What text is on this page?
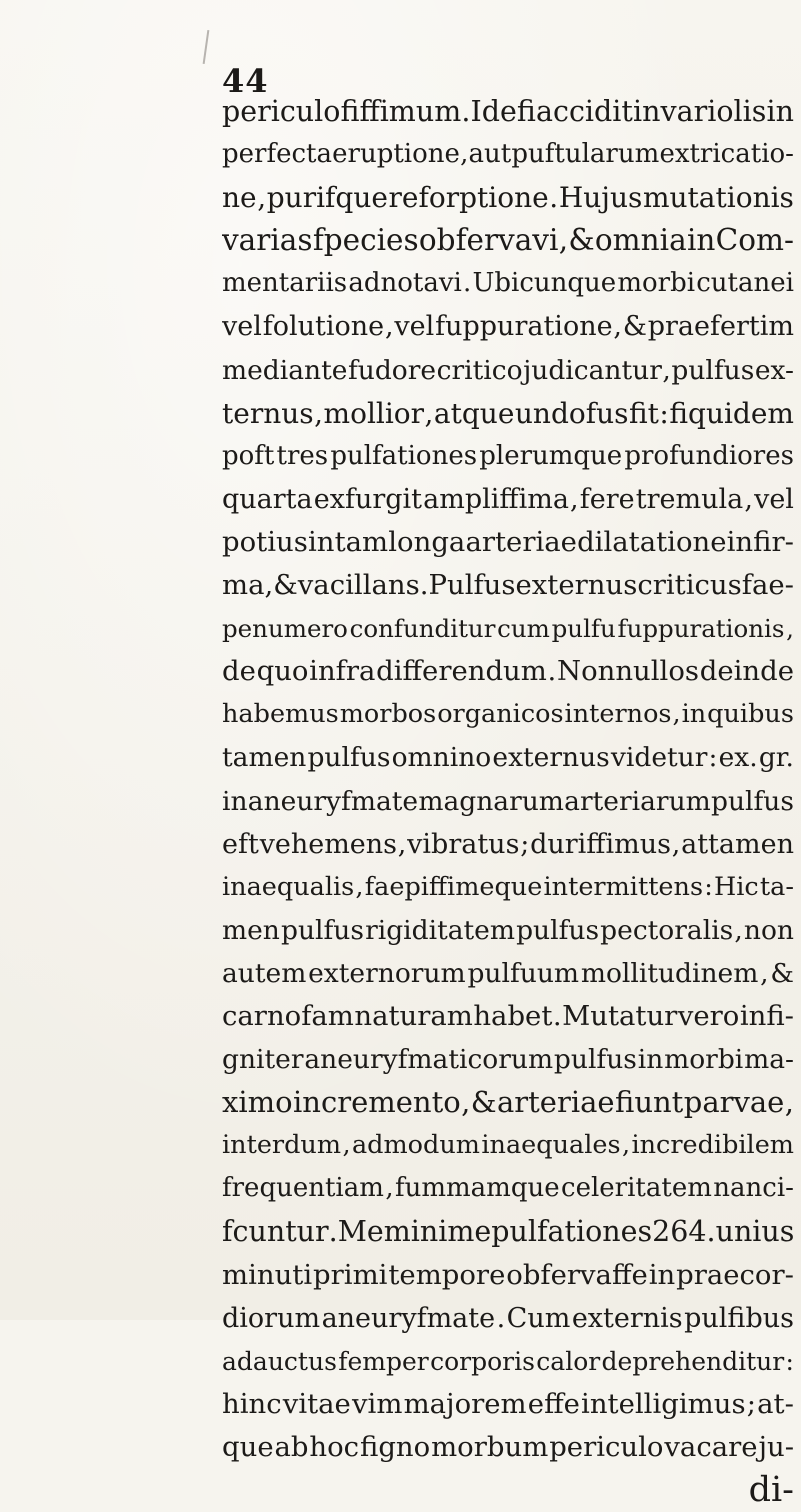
44
periculofiffimum . Idefi accidit in variolis in
perfecta eruptione , aut puftularum extricatio-
ne , purifque reforptione . Hujus mutationis
varias fpecies obfervavi , & omnia in Com-
mentariis adnotavi . Ubicunque morbi cutanei
vel folutione , vel fuppuratione , & praefertim
mediante fudore critico judicantur , pulfus ex-
ternus , mollior , atque undofus fit : fiquidem
poft tres pulfationes plerumque profundiores
quarta exfurgit ampliffima , fere tremula , vel
potius in tam longa arteriae dilatatione infir-
ma , & vacillans . Pulfus externus criticus fae-
penumero confunditur cum pulfu fuppurationis ,
de quo infra differendum . Nonnullos deinde
habemus morbos organicos internos , in quibus
tamen pulfus omnino externus videtur : ex. gr.
in aneuryfmate magnarum arteriarum pulfus
eft vehemens , vibratus ; duriffimus , attamen
inaequalis , faepiffimeque intermittens : Hic ta-
men pulfus rigiditatem pulfus pectoralis , non
autem externorum pulfuum mollitudinem , &
carnofam naturam habet . Mutatur vero infi-
gniter aneuryfmaticorum pulfus in morbi ma-
ximo incremento , & arteriae fiunt parvae ,
interdum , admodum inaequales , incredibilem
frequentiam , fummamque celeritatem nanci-
fcuntur . Memini me pulfationes 264. unius
minuti primi tempore obfervaffe in praecor-
diorum aneuryfmate . Cum externis pulfibus
adauctus femper corporis calor deprehenditur :
hinc vitae vim majorem effe intelligimus ; at-
que ab hoc figno morbum periculo vacare ju-
di-
